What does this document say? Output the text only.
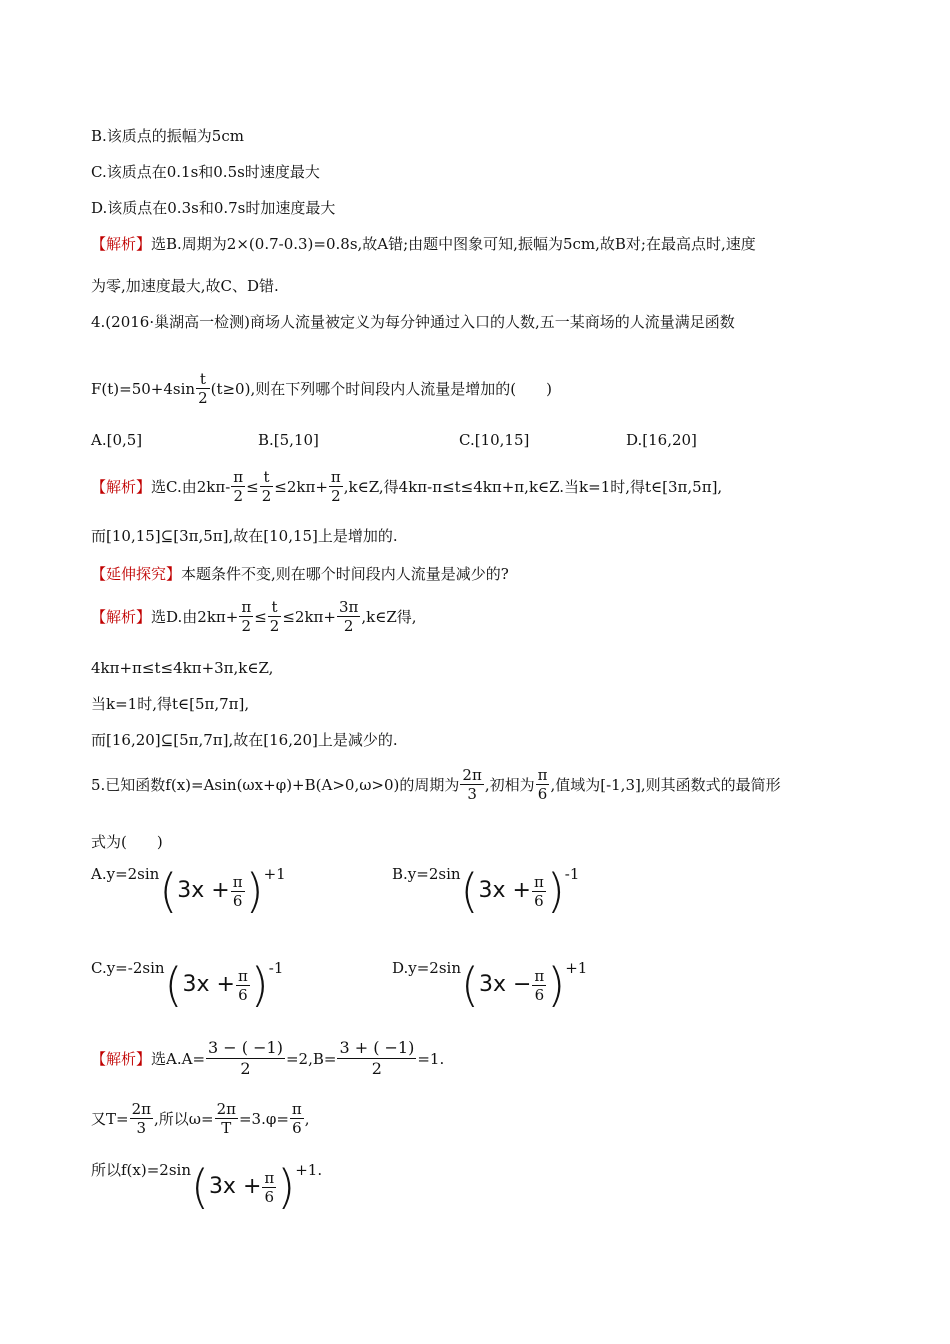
B.该质点的振幅为5cm
C.该质点在0.1s和0.5s时速度最大
D.该质点在0.3s和0.7s时加速度最大
【解析】选B.周期为2×(0.7-0.3)=0.8s,故A错;由题中图象可知,振幅为5cm,故B对;在最高点时,速度
为零,加速度最大,故C、D错.
4.(2016·巢湖高一检测)商场人流量被定义为每分钟通过入口的人数,五一某商场的人流量满足函数
$F(t)=50+4\sin \frac{t}{2} (t\ge 0)$,则在下列哪个时间段内人流量是增加的(　　)
A.[0,5]	B.[5,10]	C.[10,15]	D.[16,20]
【解析】选C.由$2k\pi- \frac{\pi}{2} \le \frac{t}{2} \le 2k\pi+ \frac{\pi}{2}$ ,k∈Z,得4kπ-π≤t≤4kπ+π,k∈Z.当k=1时,得t∈[3π,5π],
而[10,15]⊆[3π,5π],故在[10,15]上是增加的.
【延伸探究】本题条件不变,则在哪个时间段内人流量是减少的?
【解析】选D.由$2k\pi+ \frac{\pi}{2} \le \frac{t}{2} \le 2k\pi+ \frac{3\pi}{2}$ ,k∈Z得,
4kπ+π≤t≤4kπ+3π,k∈Z,
当k=1时,得t∈[5π,7π],
而[16,20]⊆[5π,7π],故在[16,20]上是减少的.
5.已知函数f(x)=Asin(ωx+φ)+B(A>0,ω>0)的周期为 $\frac{2\pi}{3}$ ,初相为 $\frac{\pi}{6}$ ,值域为[-1,3],则其函数式的最简形
式为(　　)
$A.y=2\sin(3x + \frac{\pi}{6} )+1$	$B.y=2\sin(3x + \frac{\pi}{6} )-1$
$C.y=-2\sin(3x + \frac{\pi}{6} )-1$	$D.y=2\sin(3x - \frac{\pi}{6} )+1$
【解析】选$A.A= \frac{3 - ( -1)}{2} =2,B= \frac{3 + ( -1)}{2} =1$.
又$T= \frac{2\pi}{3}$ ,所以$\omega= \frac{2\pi}{T} =3.\varphi= \frac{\pi}{6}$ ,
所以$f(x)=2\sin(3x + \frac{\pi}{6} )+1$.
